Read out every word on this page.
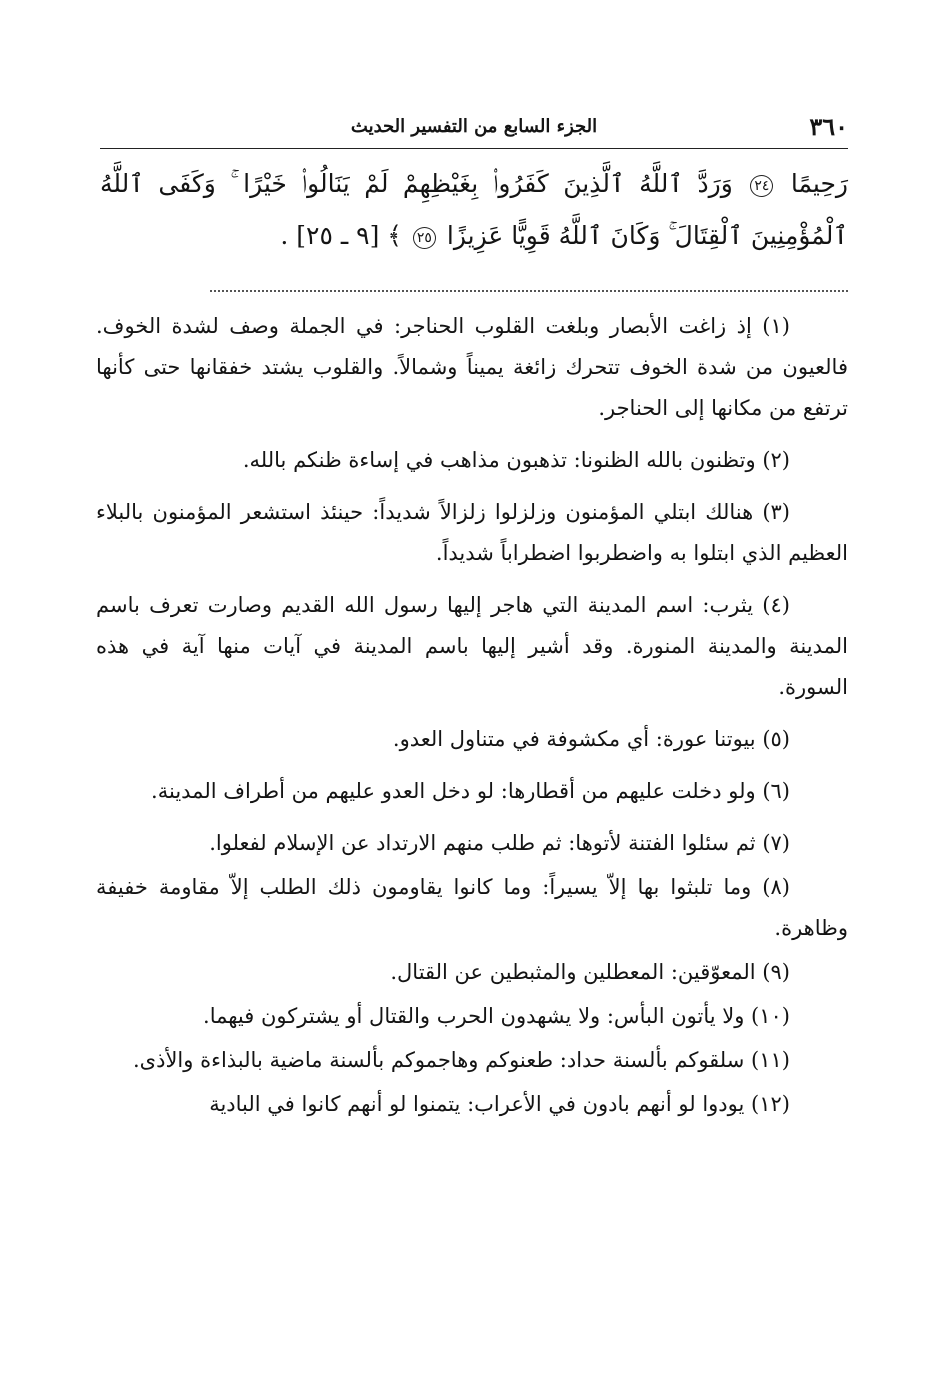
٣٦٠
الجزء السابع من التفسير الحديث
رَحِيمًا ٢٤ وَرَدَّ ٱللَّهُ ٱلَّذِينَ كَفَرُوا۟ بِغَيْظِهِمْ لَمْ يَنَالُوا۟ خَيْرًا ۚ وَكَفَى ٱللَّهُ ٱلْمُؤْمِنِينَ ٱلْقِتَالَ ۚ وَكَانَ ٱللَّهُ قَوِيًّا عَزِيزًا ٢٥ ﴾ [٩ ـ ٢٥] .

(١) إذ زاغت الأبصار وبلغت القلوب الحناجر: في الجملة وصف لشدة الخوف. فالعيون من شدة الخوف تتحرك زائغة يميناً وشمالاً. والقلوب يشتد خفقانها حتى كأنها ترتفع من مكانها إلى الحناجر.

(٢) وتظنون بالله الظنونا: تذهبون مذاهب في إساءة ظنكم بالله.

(٣) هنالك ابتلي المؤمنون وزلزلوا زلزالاً شديداً: حينئذ استشعر المؤمنون بالبلاء العظيم الذي ابتلوا به واضطربوا اضطراباً شديداً.

(٤) يثرب: اسم المدينة التي هاجر إليها رسول الله القديم وصارت تعرف باسم المدينة والمدينة المنورة. وقد أشير إليها باسم المدينة في آيات منها آية في هذه السورة.

(٥) بيوتنا عورة: أي مكشوفة في متناول العدو.

(٦) ولو دخلت عليهم من أقطارها: لو دخل العدو عليهم من أطراف المدينة.

(٧) ثم سئلوا الفتنة لأتوها: ثم طلب منهم الارتداد عن الإسلام لفعلوا.

(٨) وما تلبثوا بها إلاّ يسيراً: وما كانوا يقاومون ذلك الطلب إلاّ مقاومة خفيفة وظاهرة.

(٩) المعوّقين: المعطلين والمثبطين عن القتال.

(١٠) ولا يأتون البأس: ولا يشهدون الحرب والقتال أو يشتركون فيهما.

(١١) سلقوكم بألسنة حداد: طعنوكم وهاجموكم بألسنة ماضية بالبذاءة والأذى.

(١٢) يودوا لو أنهم بادون في الأعراب: يتمنوا لو أنهم كانوا في البادية
